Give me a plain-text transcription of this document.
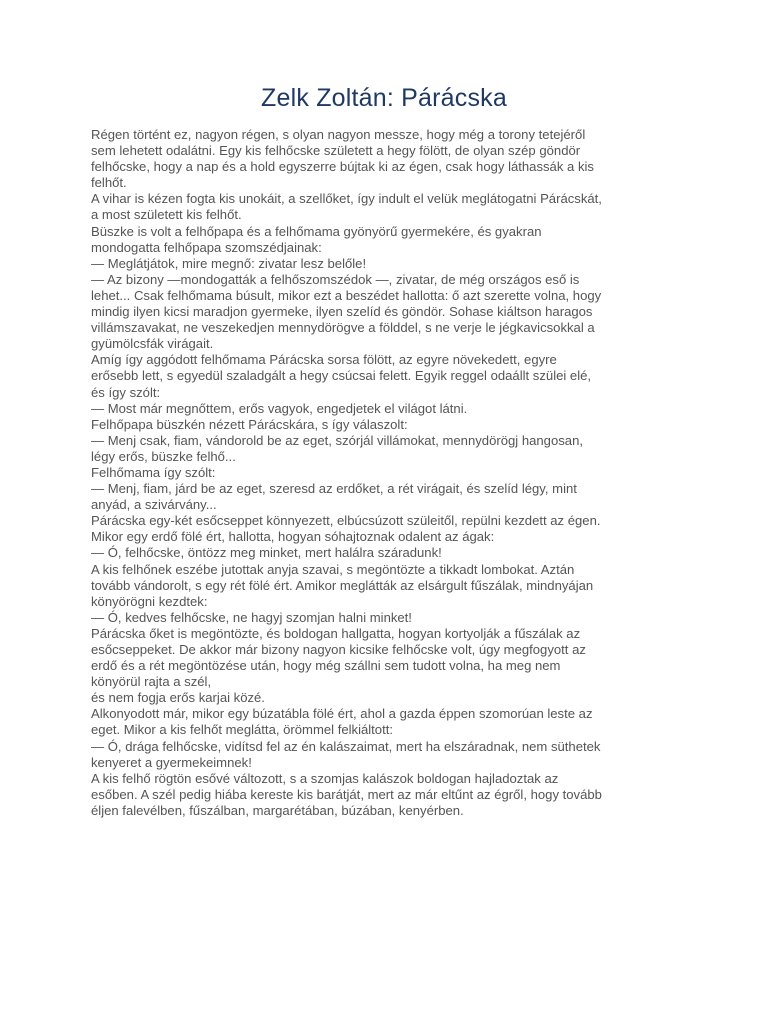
Zelk Zoltán: Párácska
Régen történt ez, nagyon régen, s olyan nagyon messze, hogy még a torony tetejéről
sem lehetett odalátni. Egy kis felhőcske született a hegy fölött, de olyan szép göndör
felhőcske, hogy a nap és a hold egyszerre bújtak ki az égen, csak hogy láthassák a kis
felhőt.
A vihar is kézen fogta kis unokáit, a szellőket, így indult el velük meglátogatni Párácskát,
a most született kis felhőt.
Büszke is volt a felhőpapa és a felhőmama gyönyörű gyermekére, és gyakran
mondogatta felhőpapa szomszédjainak:
— Meglátjátok, mire megnő: zivatar lesz belőle!
— Az bizony —mondogatták a felhőszomszédok —, zivatar, de még országos eső is
lehet... Csak felhőmama búsult, mikor ezt a beszédet hallotta: ő azt szerette volna, hogy
mindig ilyen kicsi maradjon gyermeke, ilyen szelíd és göndör. Sohase kiáltson haragos
villámszavakat, ne veszekedjen mennydörögve a földdel, s ne verje le jégkavicsokkal a
gyümölcsfák virágait.
Amíg így aggódott felhőmama Párácska sorsa fölött, az egyre növekedett, egyre
erősebb lett, s egyedül szaladgált a hegy csúcsai felett. Egyik reggel odaállt szülei elé,
és így szólt:
— Most már megnőttem, erős vagyok, engedjetek el világot látni.
Felhőpapa büszkén nézett Párácskára, s így válaszolt:
— Menj csak, fiam, vándorold be az eget, szórjál villámokat, mennydörögj hangosan,
légy erős, büszke felhő...
Felhőmama így szólt:
— Menj, fiam, járd be az eget, szeresd az erdőket, a rét virágait, és szelíd légy, mint
anyád, a szivárvány...
Párácska egy-két esőcseppet könnyezett, elbúcsúzott szüleitől, repülni kezdett az égen.
Mikor egy erdő fölé ért, hallotta, hogyan sóhajtoznak odalent az ágak:
— Ó, felhőcske, öntözz meg minket, mert halálra száradunk!
A kis felhőnek eszébe jutottak anyja szavai, s megöntözte a tikkadt lombokat. Aztán
tovább vándorolt, s egy rét fölé ért. Amikor meglátták az elsárgult fűszálak, mindnyájan
könyörögni kezdtek:
— Ó, kedves felhőcske, ne hagyj szomjan halni minket!
Párácska őket is megöntözte, és boldogan hallgatta, hogyan kortyolják a fűszálak az
esőcseppeket. De akkor már bizony nagyon kicsike felhőcske volt, úgy megfogyott az
erdő és a rét megöntözése után, hogy még szállni sem tudott volna, ha meg nem
könyörül rajta a szél,
és nem fogja erős karjai közé.
Alkonyodott már, mikor egy búzatábla fölé ért, ahol a gazda éppen szomorúan leste az
eget. Mikor a kis felhőt meglátta, örömmel felkiáltott:
— Ó, drága felhőcske, vidítsd fel az én kalászaimat, mert ha elszáradnak, nem süthetek
kenyeret a gyermekeimnek!
A kis felhő rögtön esővé változott, s a szomjas kalászok boldogan hajladoztak az
esőben. A szél pedig hiába kereste kis barátját, mert az már eltűnt az égről, hogy tovább
éljen falevélben, fűszálban, margarétában, búzában, kenyérben.
